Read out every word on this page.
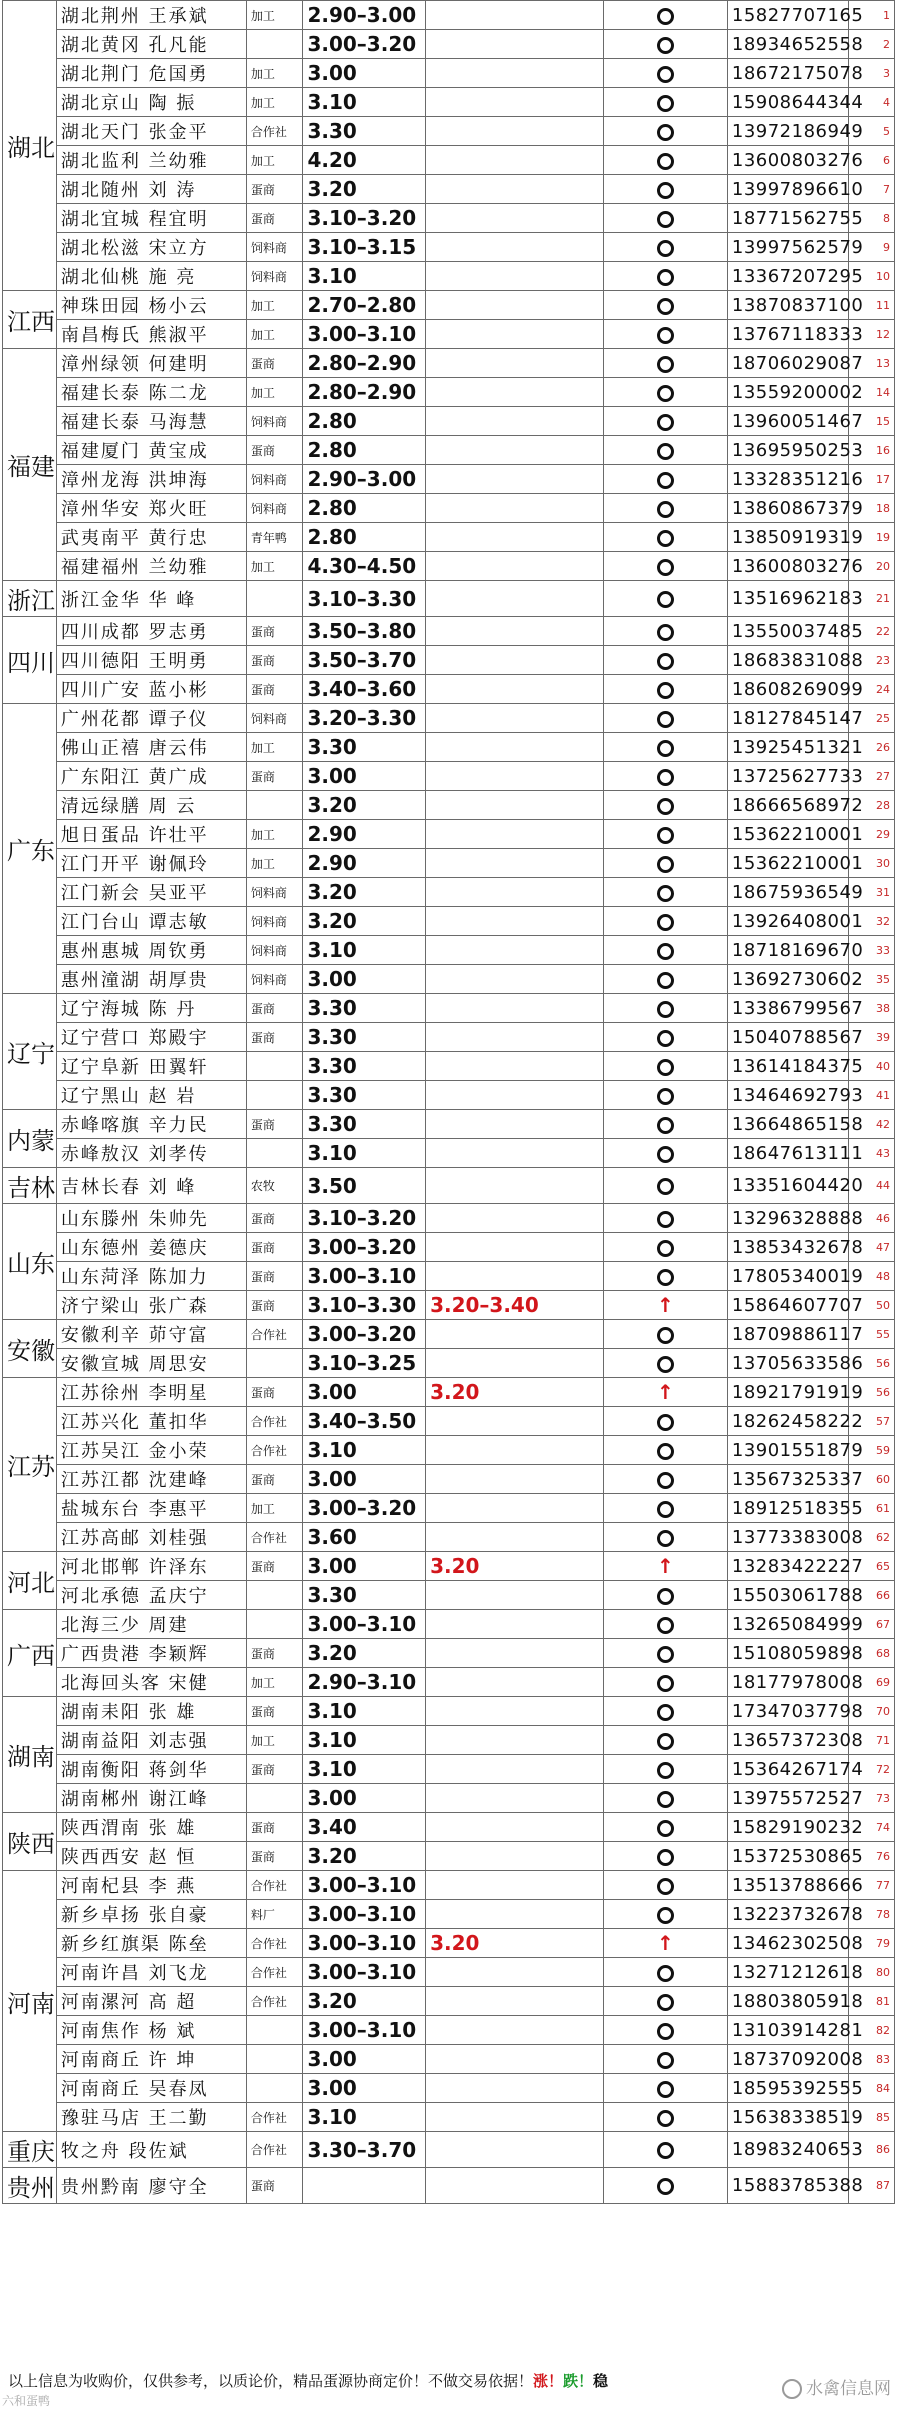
湖北	湖北荆州 王承斌	加工	2.90–3.00			15827707165	1
	湖北黄冈 孔凡能		3.00–3.20			18934652558	2
	湖北荆门 危国勇	加工	3.00			18672175078	3
	湖北京山 陶 振	加工	3.10			15908644344	4
	湖北天门 张金平	合作社	3.30			13972186949	5
	湖北监利 兰幼雅	加工	4.20			13600803276	6
	湖北随州 刘 涛	蛋商	3.20			13997896610	7
	湖北宜城 程宜明	蛋商	3.10–3.20			18771562755	8
	湖北松滋 宋立方	饲料商	3.10–3.15			13997562579	9
	湖北仙桃 施 亮	饲料商	3.10			13367207295	10
江西	神珠田园 杨小云	加工	2.70–2.80			13870837100	11
	南昌梅氏 熊淑平	加工	3.00–3.10			13767118333	12
福建	漳州绿领 何建明	蛋商	2.80–2.90			18706029087	13
	福建长泰 陈二龙	加工	2.80–2.90			13559200002	14
	福建长泰 马海慧	饲料商	2.80			13960051467	15
	福建厦门 黄宝成	蛋商	2.80			13695950253	16
	漳州龙海 洪坤海	饲料商	2.90–3.00			13328351216	17
	漳州华安 郑火旺	饲料商	2.80			13860867379	18
	武夷南平 黄行忠	青年鸭	2.80			13850919319	19
	福建福州 兰幼雅	加工	4.30–4.50			13600803276	20
浙江	浙江金华 华 峰		3.10–3.30			13516962183	21
四川	四川成都 罗志勇	蛋商	3.50–3.80			13550037485	22
	四川德阳 王明勇	蛋商	3.50–3.70			18683831088	23
	四川广安 蓝小彬	蛋商	3.40–3.60			18608269099	24
广东	广州花都 谭子仪	饲料商	3.20–3.30			18127845147	25
	佛山正禧 唐云伟	加工	3.30			13925451321	26
	广东阳江 黄广成	蛋商	3.00			13725627733	27
	清远绿膳 周 云		3.20			18666568972	28
	旭日蛋品 许壮平	加工	2.90			15362210001	29
	江门开平 谢佩玲	加工	2.90			15362210001	30
	江门新会 吴亚平	饲料商	3.20			18675936549	31
	江门台山 谭志敏	饲料商	3.20			13926408001	32
	惠州惠城 周钦勇	饲料商	3.10			18718169670	33
	惠州潼湖 胡厚贵	饲料商	3.00			13692730602	35
辽宁	辽宁海城 陈 丹	蛋商	3.30			13386799567	38
	辽宁营口 郑殿宇	蛋商	3.30			15040788567	39
	辽宁阜新 田翼轩		3.30			13614184375	40
	辽宁黑山 赵 岩		3.30			13464692793	41
内蒙	赤峰喀旗 辛力民	蛋商	3.30			13664865158	42
	赤峰敖汉 刘孝传		3.10			18647613111	43
吉林	吉林长春 刘 峰	农牧	3.50			13351604420	44
山东	山东滕州 朱帅先	蛋商	3.10–3.20			13296328888	46
	山东德州 姜德庆	蛋商	3.00–3.20			13853432678	47
	山东菏泽 陈加力	蛋商	3.00–3.10			17805340019	48
	济宁梁山 张广森	蛋商	3.10–3.30	3.20–3.40	↑	15864607707	50
安徽	安徽利辛 茆守富	合作社	3.00–3.20			18709886117	55
	安徽宣城 周思安		3.10–3.25			13705633586	56
江苏	江苏徐州 李明星	蛋商	3.00	3.20	↑	18921791919	56
	江苏兴化 董扣华	合作社	3.40–3.50			18262458222	57
	江苏吴江 金小荣	合作社	3.10			13901551879	59
	江苏江都 沈建峰	蛋商	3.00			13567325337	60
	盐城东台 李惠平	加工	3.00–3.20			18912518355	61
	江苏高邮 刘桂强	合作社	3.60			13773383008	62
河北	河北邯郸 许泽东	蛋商	3.00	3.20	↑	13283422227	65
	河北承德 孟庆宁		3.30			15503061788	66
广西	北海三少 周建		3.00–3.10			13265084999	67
	广西贵港 李颖辉	蛋商	3.20			15108059898	68
	北海回头客 宋健	加工	2.90–3.10			18177978008	69
湖南	湖南耒阳 张 雄	蛋商	3.10			17347037798	70
	湖南益阳 刘志强	加工	3.10			13657372308	71
	湖南衡阳 蒋剑华	蛋商	3.10			15364267174	72
	湖南郴州 谢江峰		3.00			13975572527	73
陕西	陕西渭南 张 雄	蛋商	3.40			15829190232	74
	陕西西安 赵 恒	蛋商	3.20			15372530865	76
河南	河南杞县 李 燕	合作社	3.00–3.10			13513788666	77
	新乡卓扬 张自豪	料厂	3.00–3.10			13223732678	78
	新乡红旗渠 陈垒	合作社	3.00–3.10	3.20	↑	13462302508	79
	河南许昌 刘飞龙	合作社	3.00–3.10			13271212618	80
	河南漯河 高 超	合作社	3.20			18803805918	81
	河南焦作 杨 斌		3.00–3.10			13103914281	82
	河南商丘 许 坤		3.00			18737092008	83
	河南商丘 吴春凤		3.00			18595392555	84
	豫驻马店 王二勤	合作社	3.10			15638338519	85
重庆	牧之舟 段佐斌	合作社	3.30–3.70			18983240653	86
贵州	贵州黔南 廖守全	蛋商				15883785388	87
以上信息为收购价，仅供参考，以质论价，精品蛋源协商定价！不做交易依据！涨！跌！稳
六和蛋鸭
水禽信息网
